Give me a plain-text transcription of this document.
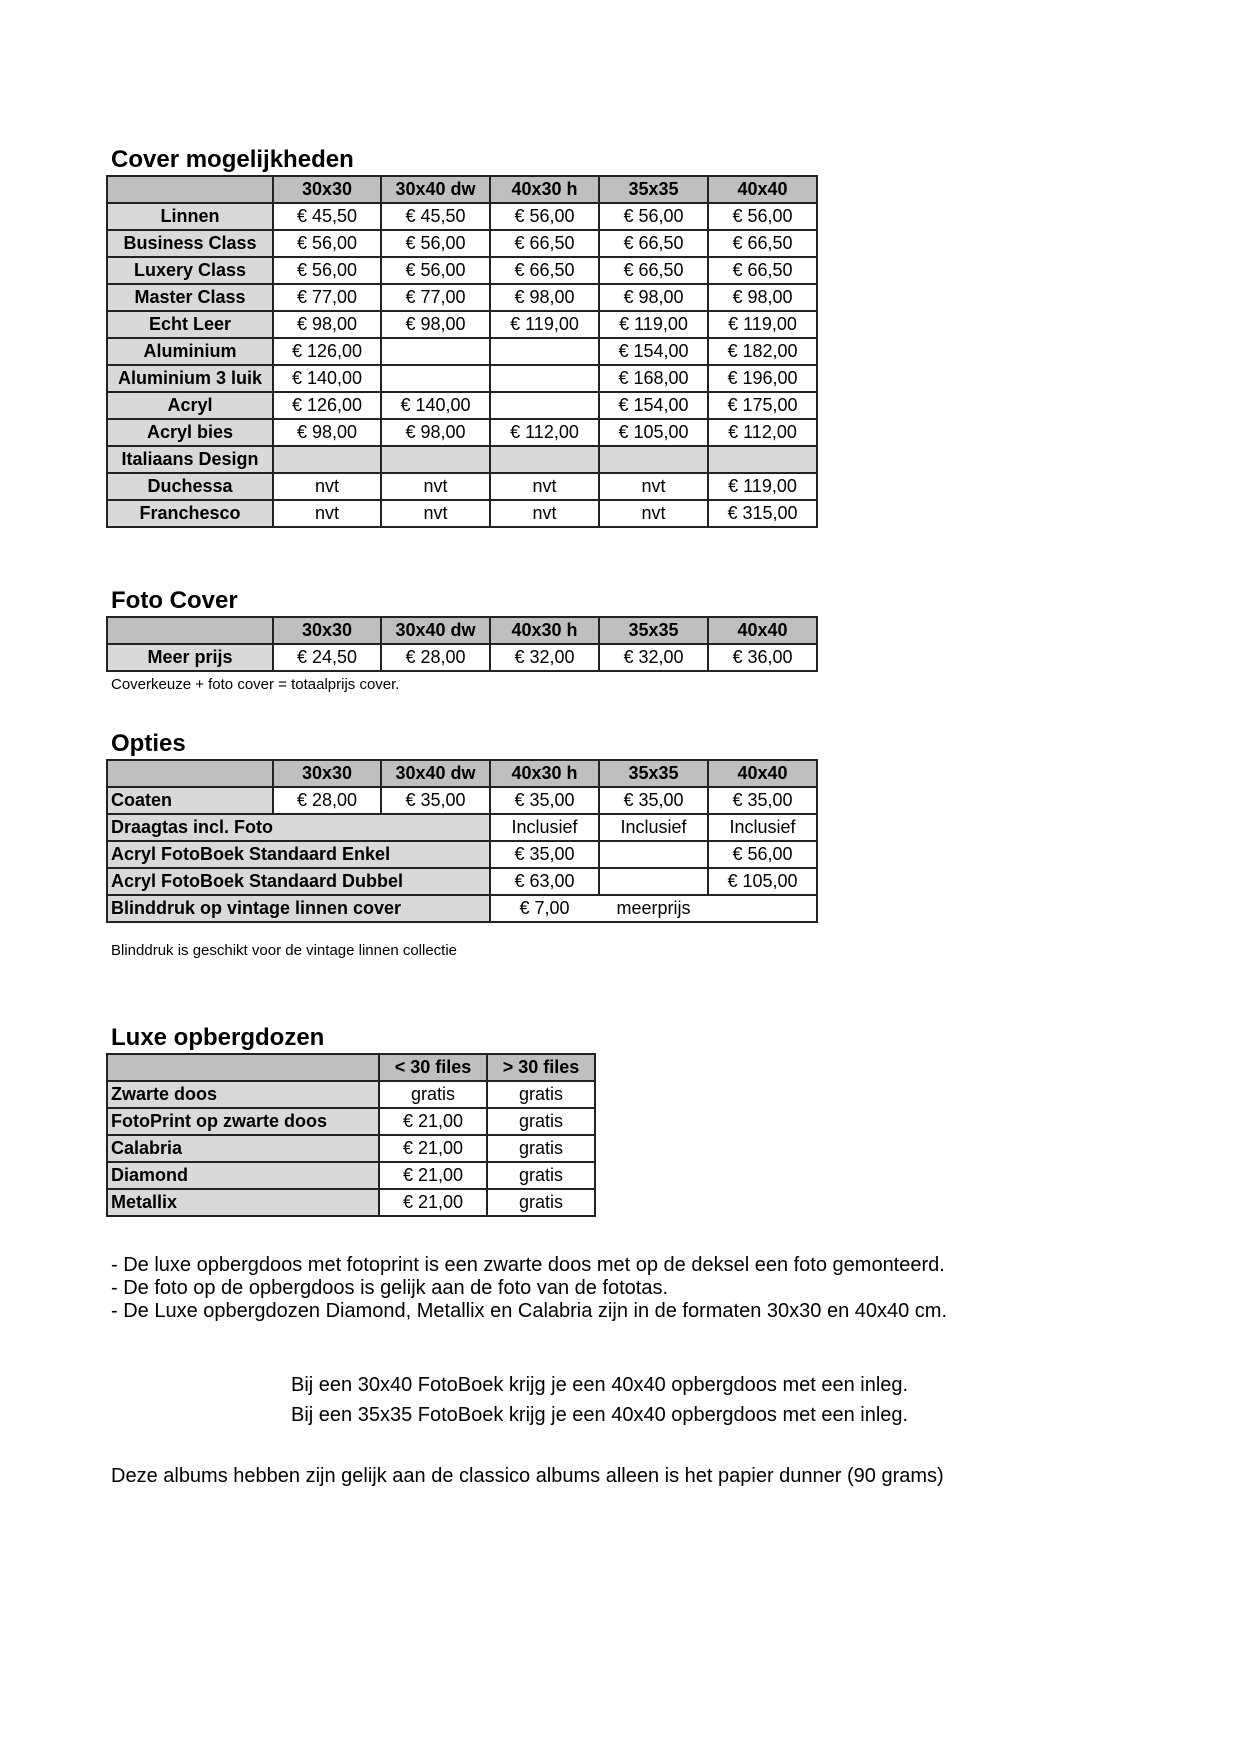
Cover mogelijkheden
	30x30	30x40 dw	40x30 h	35x35	40x40
Linnen	€ 45,50	€ 45,50	€ 56,00	€ 56,00	€ 56,00
Business Class	€ 56,00	€ 56,00	€ 66,50	€ 66,50	€ 66,50
Luxery Class	€ 56,00	€ 56,00	€ 66,50	€ 66,50	€ 66,50
Master Class	€ 77,00	€ 77,00	€ 98,00	€ 98,00	€ 98,00
Echt Leer	€ 98,00	€ 98,00	€ 119,00	€ 119,00	€ 119,00
Aluminium	€ 126,00			€ 154,00	€ 182,00
Aluminium 3 luik	€ 140,00			€ 168,00	€ 196,00
Acryl	€ 126,00	€ 140,00		€ 154,00	€ 175,00
Acryl bies	€ 98,00	€ 98,00	€ 112,00	€ 105,00	€ 112,00
Italiaans Design					
Duchessa	nvt	nvt	nvt	nvt	€ 119,00
Franchesco	nvt	nvt	nvt	nvt	€ 315,00
Foto Cover
	30x30	30x40 dw	40x30 h	35x35	40x40
Meer prijs	€ 24,50	€ 28,00	€ 32,00	€ 32,00	€ 36,00

Coverkeuze + foto cover = totaalprijs cover.

Opties
	30x30	30x40 dw	40x30 h	35x35	40x40
Coaten	€ 28,00	€ 35,00	€ 35,00	€ 35,00	€ 35,00
Draagtas incl. Foto			Inclusief	Inclusief	Inclusief
Acryl FotoBoek Standaard Enkel			€ 35,00		€ 56,00
Acryl FotoBoek Standaard Dubbel			€ 63,00		€ 105,00
Blinddruk op vintage linnen cover			€ 7,00	meerprijs	

Blinddruk is geschikt voor de vintage linnen collectie

Luxe opbergdozen
	< 30 files	> 30 files
Zwarte doos	gratis	gratis
FotoPrint op zwarte doos	€ 21,00	gratis
Calabria	€ 21,00	gratis
Diamond	€ 21,00	gratis
Metallix	€ 21,00	gratis

- De luxe opbergdoos met fotoprint is een zwarte doos met op de deksel een foto gemonteerd.

- De foto op de opbergdoos is gelijk aan de foto van de fototas.

- De Luxe opbergdozen Diamond, Metallix en Calabria zijn in de formaten 30x30 en 40x40 cm.

Bij een 30x40 FotoBoek krijg je een 40x40 opbergdoos met een inleg.

Bij een 35x35 FotoBoek krijg je een 40x40 opbergdoos met een inleg.

Deze albums hebben zijn gelijk aan de classico albums alleen is het papier dunner (90 grams)
